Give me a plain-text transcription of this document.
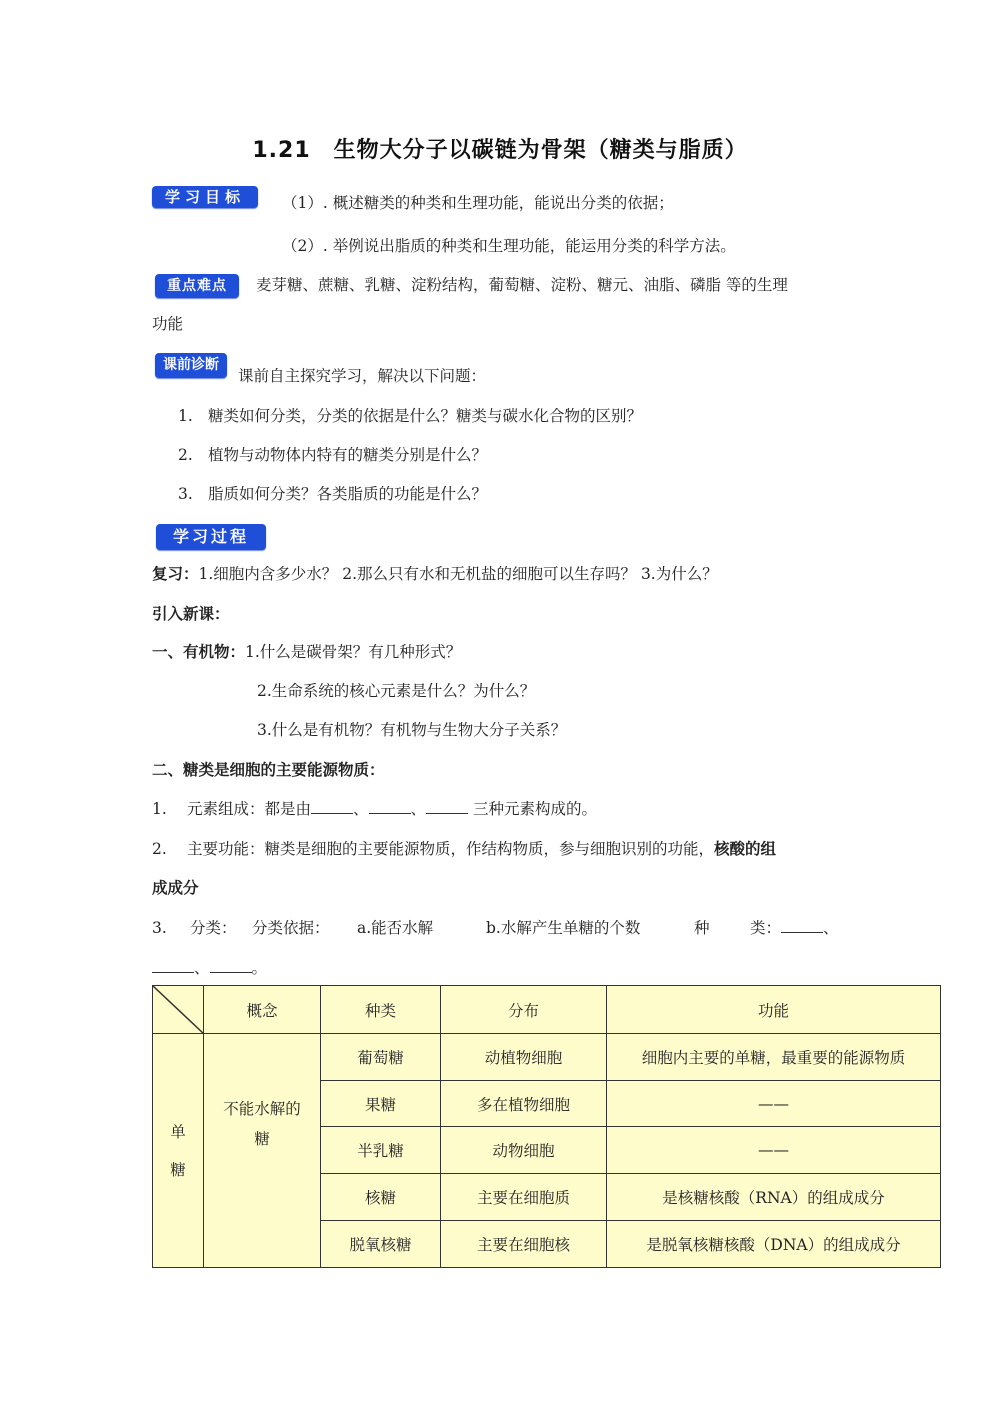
1.21　生物大分子以碳链为骨架（糖类与脂质）
学习目标	（1）. 概述糖类的种类和生理功能，能说出分类的依据；
（2）. 举例说出脂质的种类和生理功能，能运用分类的科学方法。
重点难点	麦芽糖、蔗糖、乳糖、淀粉结构，葡萄糖、淀粉、糖元、油脂、磷脂 等的生理
功能
课前诊断
课前自主探究学习，解决以下问题：
1. 糖类如何分类，分类的依据是什么？糖类与碳水化合物的区别？
2. 植物与动物体内特有的糖类分别是什么？
3. 脂质如何分类？各类脂质的功能是什么？
学习过程
复习：1.细胞内含多少水？ 2.那么只有水和无机盐的细胞可以生存吗？ 3.为什么？
引入新课：
一、有机物：1.什么是碳骨架？有几种形式？
2.生命系统的核心元素是什么？为什么？
3.什么是有机物？有机物与生物大分子关系？
二、糖类是细胞的主要能源物质：
1. 元素组成：都是由	、	、	三种元素构成的。
2. 主要功能：糖类是细胞的主要能源物质，作结构物质，参与细胞识别的功能，核酸的组
成成分
3. 分类： 分类依据： a.能否水解	b.水解产生单糖的个数	种	类：	、
、	。
	概念	种类	分布	功能

单
糖

不能水解的
糖
	葡萄糖	动植物细胞	细胞内主要的单糖，最重要的能源物质
		果糖	多在植物细胞	——
		半乳糖	动物细胞	——
		核糖	主要在细胞质	是核糖核酸（RNA）的组成成分
		脱氧核糖	主要在细胞核	是脱氧核糖核酸（DNA）的组成成分
